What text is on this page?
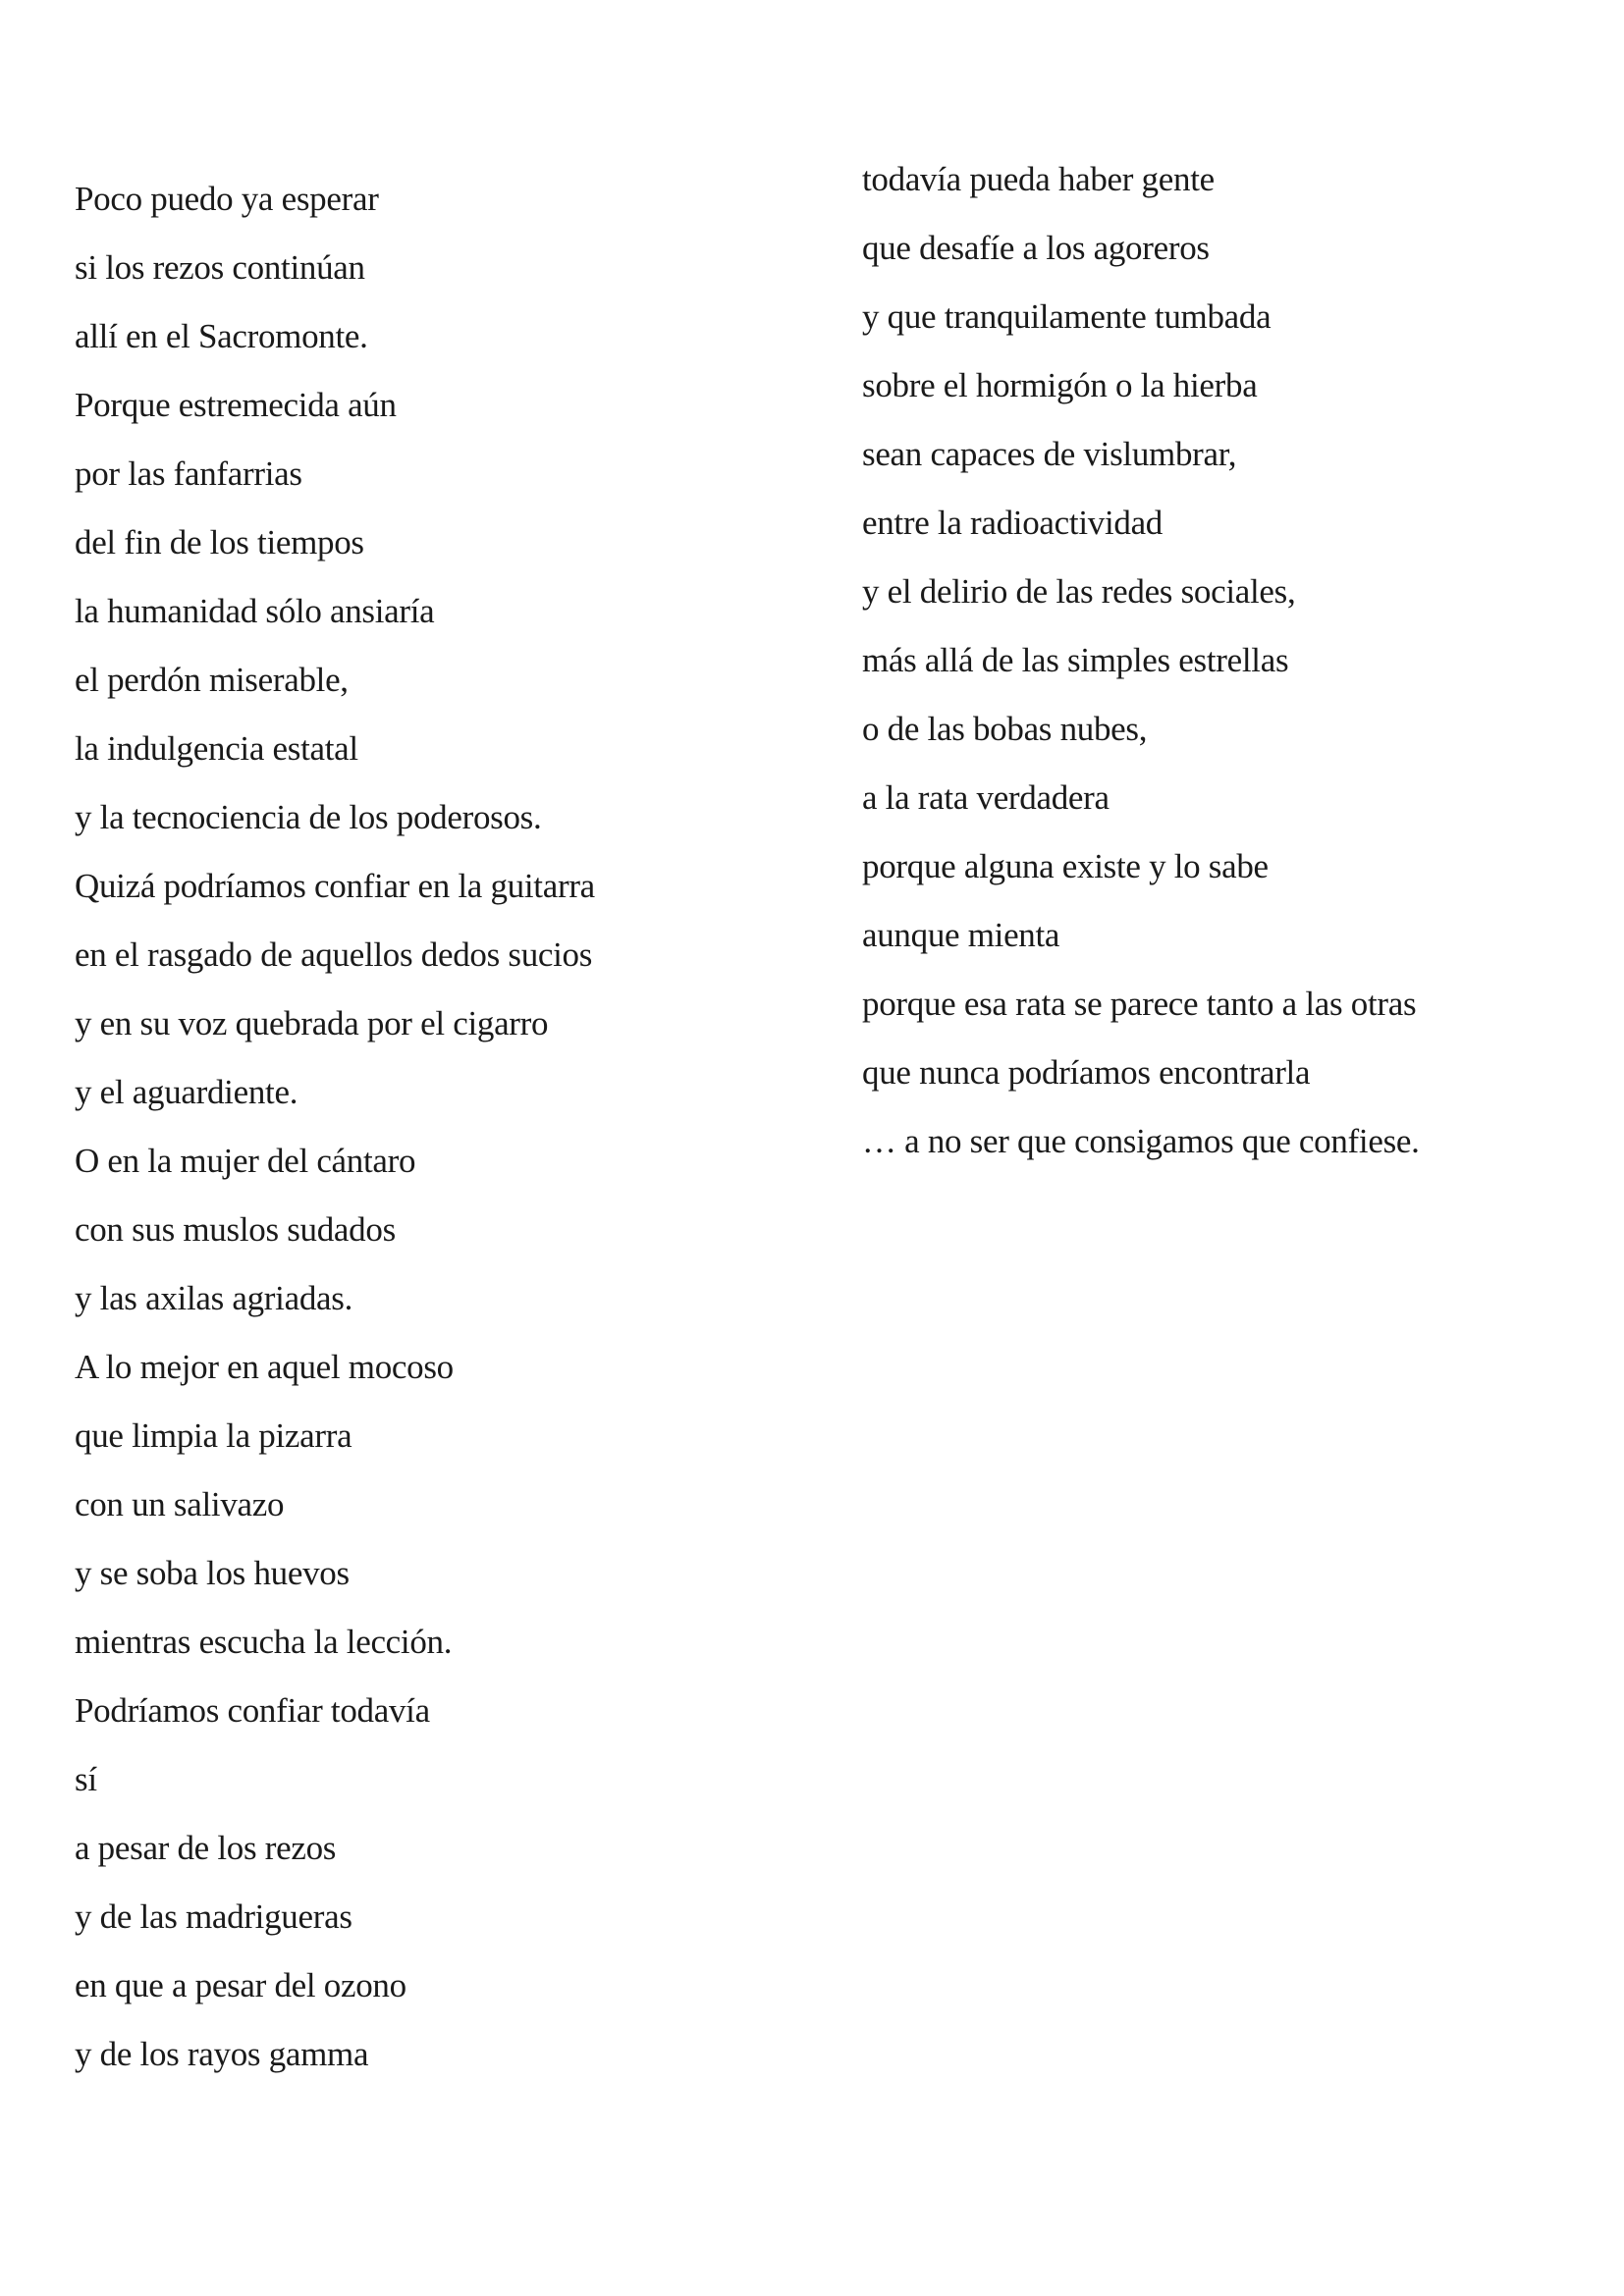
Poco puedo ya esperar
si los rezos continúan
allí en el Sacromonte.
Porque estremecida aún
por las fanfarrias
del fin de los tiempos
la humanidad sólo ansiaría
el perdón miserable,
la indulgencia estatal
y la tecnociencia de los poderosos.
Quizá podríamos confiar en la guitarra
en el rasgado de aquellos dedos sucios
y en su voz quebrada por el cigarro
y el aguardiente.
O en la mujer del cántaro
con sus muslos sudados
y las axilas agriadas.
A lo mejor en aquel mocoso
que limpia la pizarra
con un salivazo
y se soba los huevos
mientras escucha la lección.
Podríamos confiar todavía
sí
a pesar de los rezos
y de las madrigueras
en que a pesar del ozono
y de los rayos gamma
todavía pueda haber gente
que desafíe a los agoreros
y que tranquilamente tumbada
sobre el hormigón o la hierba
sean capaces de vislumbrar,
entre la radioactividad
y el delirio de las redes sociales,
más allá de las simples estrellas
o de las bobas nubes,
a la rata verdadera
porque alguna existe y lo sabe
aunque mienta
porque esa rata se parece tanto a las otras
que nunca podríamos encontrarla
… a no ser que consigamos que confiese.
